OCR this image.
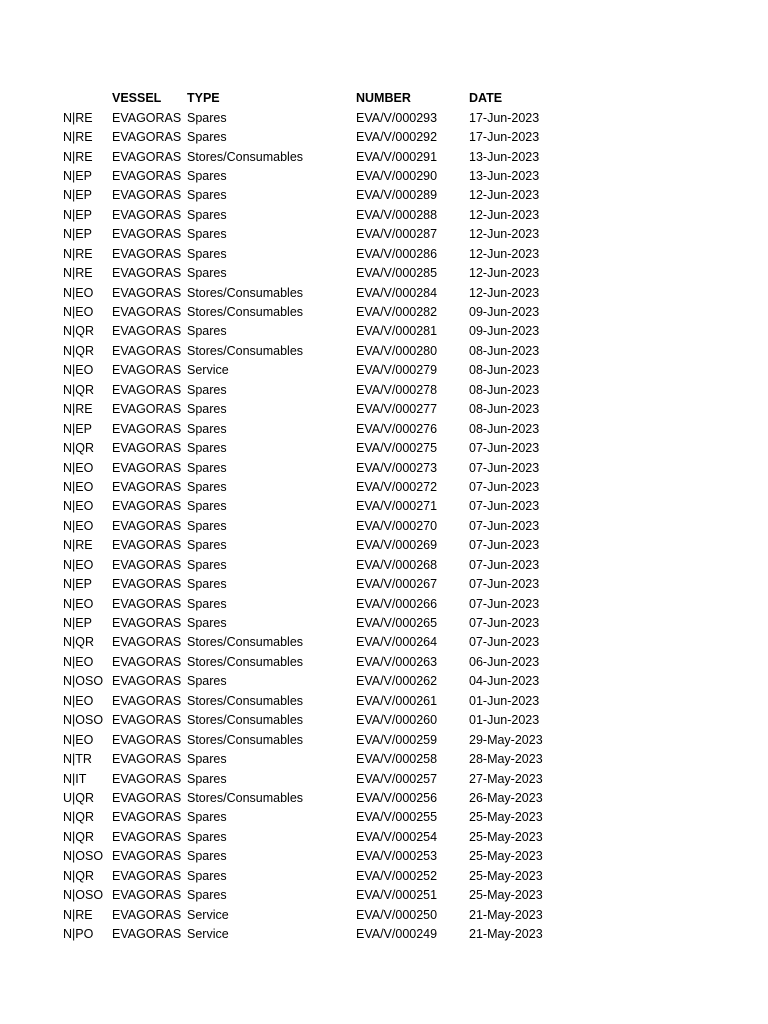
	VESSEL	TYPE	NUMBER	DATE
N|RE	EVAGORAS	Spares	EVA/V/000293	17-Jun-2023
N|RE	EVAGORAS	Spares	EVA/V/000292	17-Jun-2023
N|RE	EVAGORAS	Stores/Consumables	EVA/V/000291	13-Jun-2023
N|EP	EVAGORAS	Spares	EVA/V/000290	13-Jun-2023
N|EP	EVAGORAS	Spares	EVA/V/000289	12-Jun-2023
N|EP	EVAGORAS	Spares	EVA/V/000288	12-Jun-2023
N|EP	EVAGORAS	Spares	EVA/V/000287	12-Jun-2023
N|RE	EVAGORAS	Spares	EVA/V/000286	12-Jun-2023
N|RE	EVAGORAS	Spares	EVA/V/000285	12-Jun-2023
N|EO	EVAGORAS	Stores/Consumables	EVA/V/000284	12-Jun-2023
N|EO	EVAGORAS	Stores/Consumables	EVA/V/000282	09-Jun-2023
N|QR	EVAGORAS	Spares	EVA/V/000281	09-Jun-2023
N|QR	EVAGORAS	Stores/Consumables	EVA/V/000280	08-Jun-2023
N|EO	EVAGORAS	Service	EVA/V/000279	08-Jun-2023
N|QR	EVAGORAS	Spares	EVA/V/000278	08-Jun-2023
N|RE	EVAGORAS	Spares	EVA/V/000277	08-Jun-2023
N|EP	EVAGORAS	Spares	EVA/V/000276	08-Jun-2023
N|QR	EVAGORAS	Spares	EVA/V/000275	07-Jun-2023
N|EO	EVAGORAS	Spares	EVA/V/000273	07-Jun-2023
N|EO	EVAGORAS	Spares	EVA/V/000272	07-Jun-2023
N|EO	EVAGORAS	Spares	EVA/V/000271	07-Jun-2023
N|EO	EVAGORAS	Spares	EVA/V/000270	07-Jun-2023
N|RE	EVAGORAS	Spares	EVA/V/000269	07-Jun-2023
N|EO	EVAGORAS	Spares	EVA/V/000268	07-Jun-2023
N|EP	EVAGORAS	Spares	EVA/V/000267	07-Jun-2023
N|EO	EVAGORAS	Spares	EVA/V/000266	07-Jun-2023
N|EP	EVAGORAS	Spares	EVA/V/000265	07-Jun-2023
N|QR	EVAGORAS	Stores/Consumables	EVA/V/000264	07-Jun-2023
N|EO	EVAGORAS	Stores/Consumables	EVA/V/000263	06-Jun-2023
N|OSO	EVAGORAS	Spares	EVA/V/000262	04-Jun-2023
N|EO	EVAGORAS	Stores/Consumables	EVA/V/000261	01-Jun-2023
N|OSO	EVAGORAS	Stores/Consumables	EVA/V/000260	01-Jun-2023
N|EO	EVAGORAS	Stores/Consumables	EVA/V/000259	29-May-2023
N|TR	EVAGORAS	Spares	EVA/V/000258	28-May-2023
N|IT	EVAGORAS	Spares	EVA/V/000257	27-May-2023
U|QR	EVAGORAS	Stores/Consumables	EVA/V/000256	26-May-2023
N|QR	EVAGORAS	Spares	EVA/V/000255	25-May-2023
N|QR	EVAGORAS	Spares	EVA/V/000254	25-May-2023
N|OSO	EVAGORAS	Spares	EVA/V/000253	25-May-2023
N|QR	EVAGORAS	Spares	EVA/V/000252	25-May-2023
N|OSO	EVAGORAS	Spares	EVA/V/000251	25-May-2023
N|RE	EVAGORAS	Service	EVA/V/000250	21-May-2023
N|PO	EVAGORAS	Service	EVA/V/000249	21-May-2023
